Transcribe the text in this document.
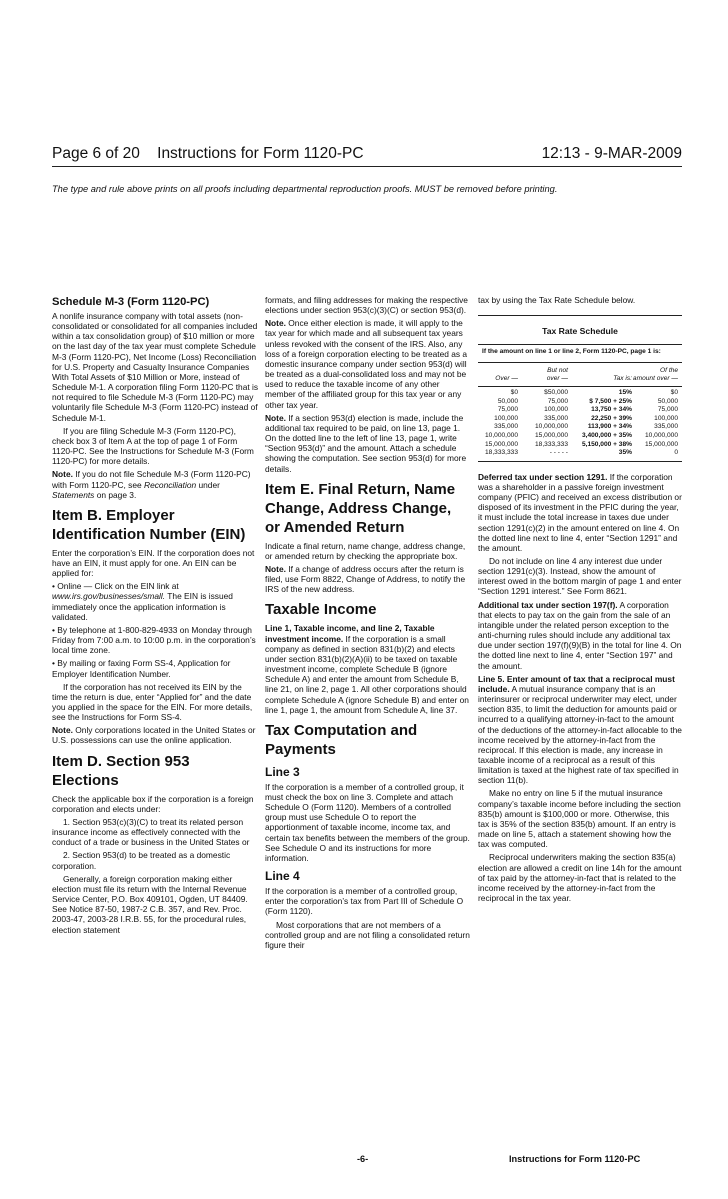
Page 6 of 20    Instructions for Form 1120-PC	12:13 - 9-MAR-2009
The type and rule above prints on all proofs including departmental reproduction proofs. MUST be removed before printing.
Schedule M-3 (Form 1120-PC)

A nonlife insurance company with total assets (non-consolidated or consolidated for all companies included within a tax consolidation group) of $10 million or more on the last day of the tax year must complete Schedule M-3 (Form 1120-PC), Net Income (Loss) Reconciliation for U.S. Property and Casualty Insurance Companies With Total Assets of $10 Million or More, instead of Schedule M-1. A corporation filing Form 1120-PC that is not required to file Schedule M-3 (Form 1120-PC) may voluntarily file Schedule M-3 (Form 1120-PC) instead of Schedule M-1.

If you are filing Schedule M-3 (Form 1120-PC), check box 3 of Item A at the top of page 1 of Form 1120-PC. See the Instructions for Schedule M-3 (Form 1120-PC) for more details.

Note. If you do not file Schedule M-3 (Form 1120-PC) with Form 1120-PC, see Reconciliation under Statements on page 3.

Item B. Employer Identification Number (EIN)

Enter the corporation’s EIN. If the corporation does not have an EIN, it must apply for one. An EIN can be applied for:

• Online — Click on the EIN link at www.irs.gov/businesses/small. The EIN is issued immediately once the application information is validated.

• By telephone at 1-800-829-4933 on Monday through Friday from 7:00 a.m. to 10:00 p.m. in the corporation’s local time zone.

• By mailing or faxing Form SS-4, Application for Employer Identification Number.

If the corporation has not received its EIN by the time the return is due, enter “Applied for” and the date you applied in the space for the EIN. For more details, see the Instructions for Form SS-4.

Note. Only corporations located in the United States or U.S. possessions can use the online application.

Item D. Section 953 Elections

Check the applicable box if the corporation is a foreign corporation and elects under:

1. Section 953(c)(3)(C) to treat its related person insurance income as effectively connected with the conduct of a trade or business in the United States or

2. Section 953(d) to be treated as a domestic corporation.

Generally, a foreign corporation making either election must file its return with the Internal Revenue Service Center, P.O. Box 409101, Ogden, UT 84409. See Notice 87-50, 1987-2 C.B. 357, and Rev. Proc. 2003-47, 2003-28 I.R.B. 55, for the procedural rules, election statement

formats, and filing addresses for making the respective elections under section 953(c)(3)(C) or section 953(d).

Note. Once either election is made, it will apply to the tax year for which made and all subsequent tax years unless revoked with the consent of the IRS. Also, any loss of a foreign corporation electing to be treated as a domestic insurance company under section 953(d) will be treated as a dual-consolidated loss and may not be used to reduce the taxable income of any other member of the affiliated group for this tax year or any other tax year.

Note. If a section 953(d) election is made, include the additional tax required to be paid, on line 13, page 1. On the dotted line to the left of line 13, page 1, write “Section 953(d)” and the amount. Attach a schedule showing the computation. See section 953(d) for more details.

Item E. Final Return, Name Change, Address Change, or Amended Return

Indicate a final return, name change, address change, or amended return by checking the appropriate box.

Note. If a change of address occurs after the return is filed, use Form 8822, Change of Address, to notify the IRS of the new address.

Taxable Income

Line 1, Taxable income, and line 2, Taxable investment income. If the corporation is a small company as defined in section 831(b)(2) and elects under section 831(b)(2)(A)(ii) to be taxed on taxable investment income, complete Schedule B (ignore Schedule A) and enter the amount from Schedule B, line 21, on line 2, page 1. All other corporations should complete Schedule A (ignore Schedule B) and enter on line 1, page 1, the amount from Schedule A, line 37.

Tax Computation and Payments
Line 3

If the corporation is a member of a controlled group, it must check the box on line 3. Complete and attach Schedule O (Form 1120). Members of a controlled group must use Schedule O to report the apportionment of taxable income, income tax, and certain tax benefits between the members of the group. See Schedule O and its instructions for more information.

Line 4

If the corporation is a member of a controlled group, enter the corporation’s tax from Part III of Schedule O (Form 1120).

Most corporations that are not members of a controlled group and are not filing a consolidated return figure their

tax by using the Tax Rate Schedule below.

Tax Rate Schedule
If the amount on line 1 or line 2, Form 1120-PC, page 1 is:
But not	Of the
Over —	over —	Tax is: amount over —
$0	$50,000	15%	$0
50,000	75,000	$ 7,500 + 25%	50,000
75,000	100,000	13,750 + 34%	75,000
100,000	335,000	22,250 + 39%	100,000
335,000	10,000,000	113,900 + 34%	335,000
10,000,000	15,000,000	3,400,000 + 35%	10,000,000
15,000,000	18,333,333	5,150,000 + 38%	15,000,000
18,333,333	- - - - -	35%	0

Deferred tax under section 1291. If the corporation was a shareholder in a passive foreign investment company (PFIC) and received an excess distribution or disposed of its investment in the PFIC during the year, it must include the total increase in taxes due under section 1291(c)(2) in the amount entered on line 4. On the dotted line next to line 4, enter “Section 1291” and the amount.

Do not include on line 4 any interest due under section 1291(c)(3). Instead, show the amount of interest owed in the bottom margin of page 1 and enter “Section 1291 interest.” See Form 8621.

Additional tax under section 197(f). A corporation that elects to pay tax on the gain from the sale of an intangible under the related person exception to the anti-churning rules should include any additional tax due under section 197(f)(9)(B) in the total for line 4. On the dotted line next to line 4, enter “Section 197” and the amount.

Line 5. Enter amount of tax that a reciprocal must include. A mutual insurance company that is an interinsurer or reciprocal underwriter may elect, under section 835, to limit the deduction for amounts paid or incurred to a qualifying attorney-in-fact to the amount of the deductions of the attorney-in-fact allocable to the income received by the attorney-in-fact from the reciprocal. If this election is made, any increase in taxable income of a reciprocal as a result of this limitation is taxed at the highest rate of tax specified in section 11(b).

Make no entry on line 5 if the mutual insurance company’s taxable income before including the section 835(b) amount is $100,000 or more. Otherwise, this tax is 35% of the section 835(b) amount. If an entry is made on line 5, attach a statement showing how the tax was computed.

Reciprocal underwriters making the section 835(a) election are allowed a credit on line 14h for the amount of tax paid by the attorney-in-fact that is related to the income received by the attorney-in-fact from the reciprocal in the tax year.

-6-	Instructions for Form 1120-PC
